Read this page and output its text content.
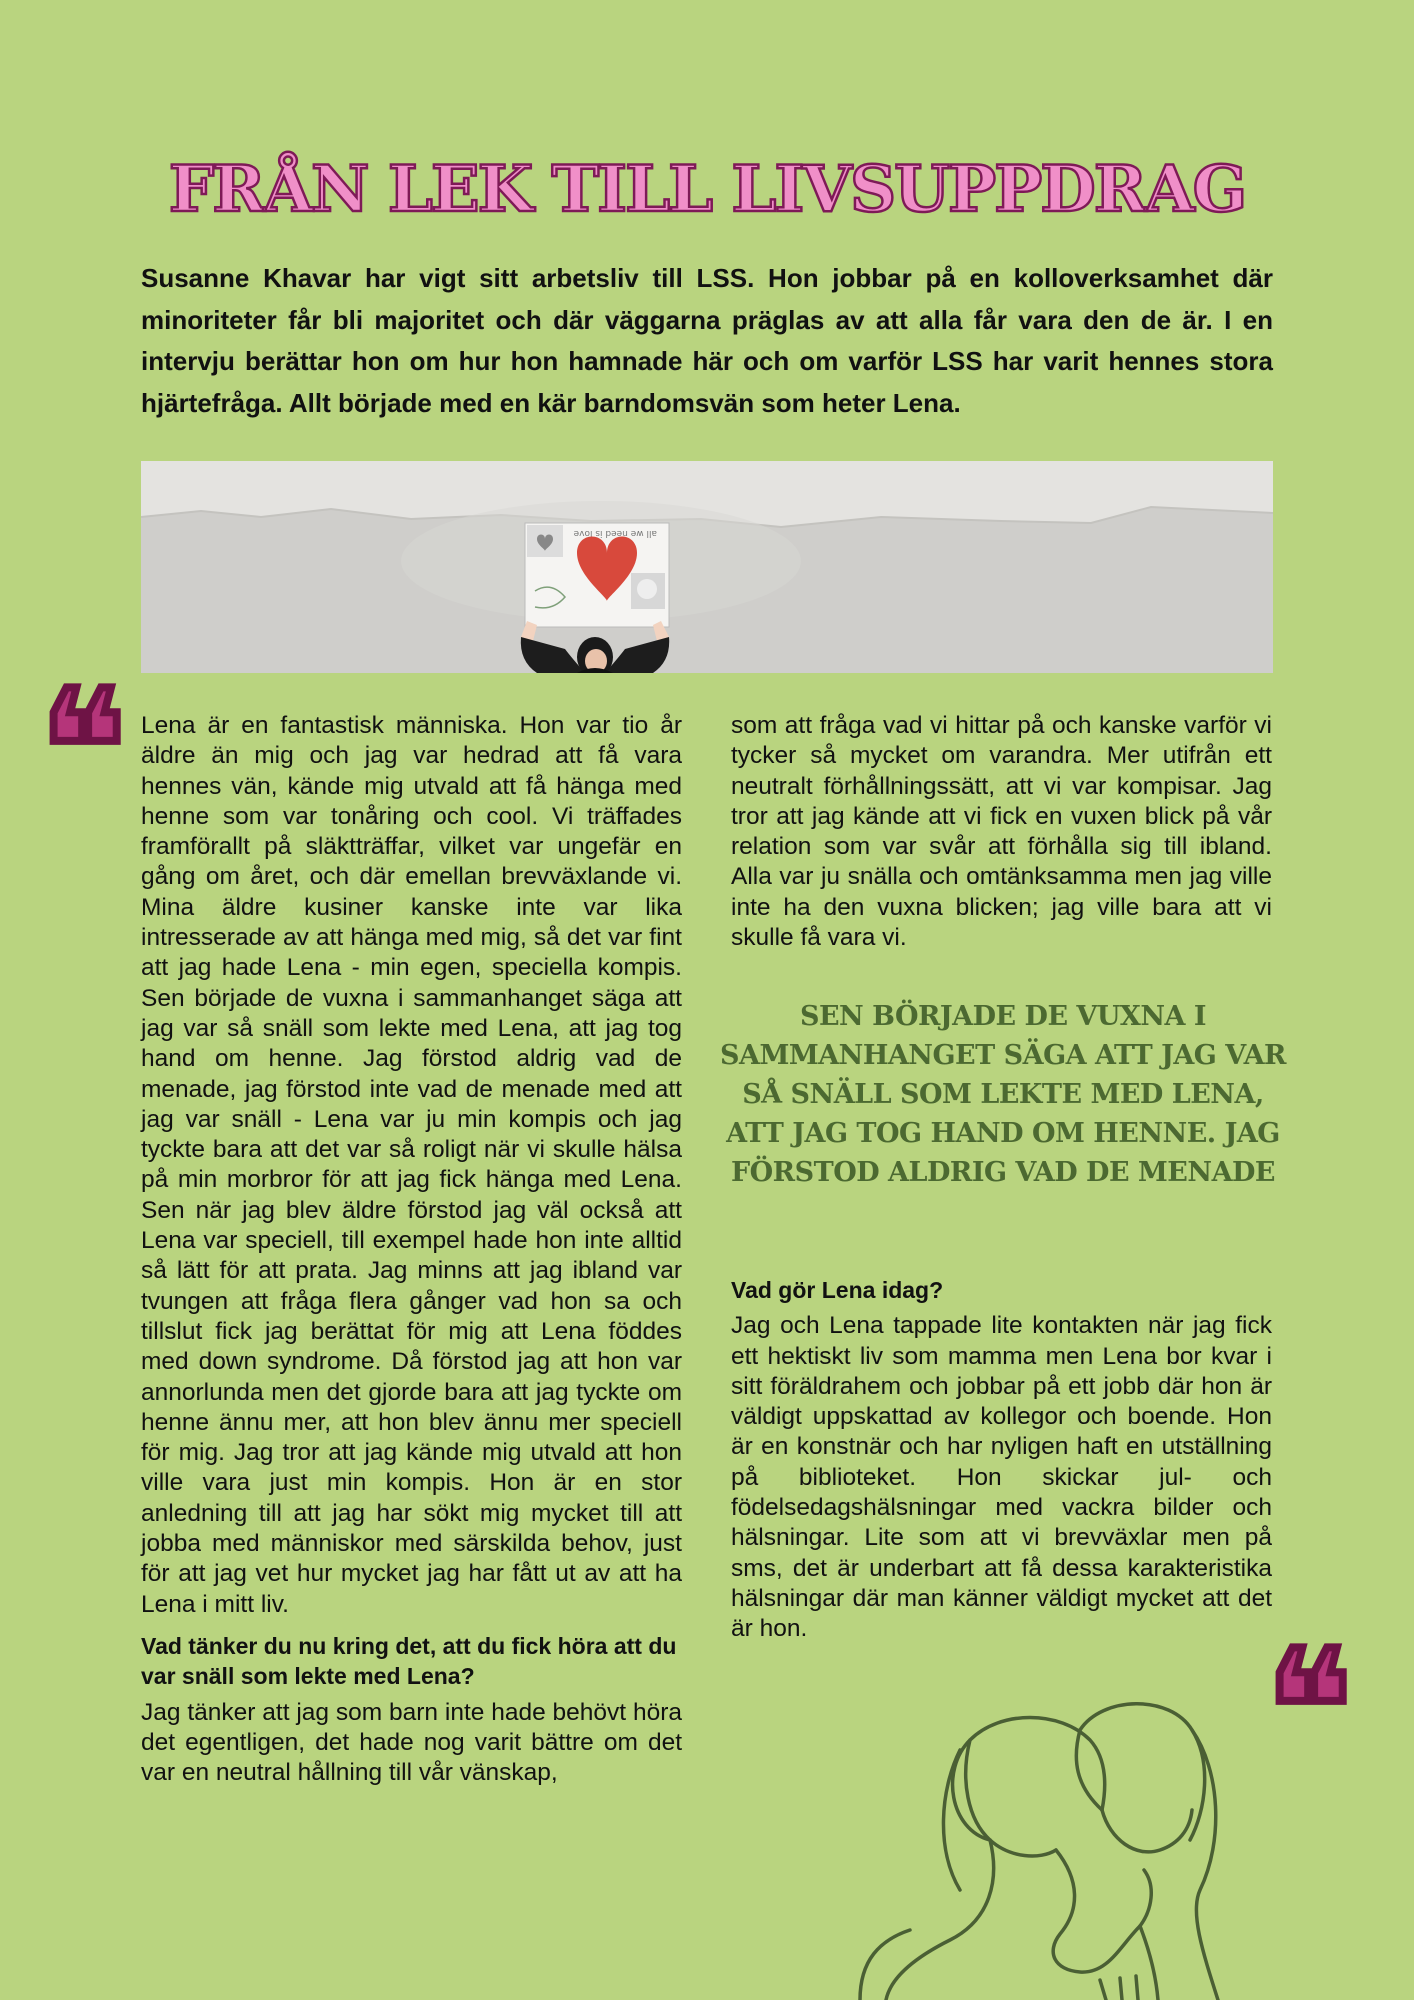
FRÅN LEK TILL LIVSUPPDRAG

Susanne Khavar har vigt sitt arbetsliv till LSS. Hon jobbar på en kolloverksamhet där minoriteter får bli majoritet och där väggarna präglas av att alla får vara den de är. I en intervju berättar hon om hur hon hamnade här och om varför LSS har varit hennes stora hjärtefråga. Allt började med en kär barndomsvän som heter Lena.

all we need is love
❝ Lena är en fantastisk människa. Hon var tio år äldre än mig och jag var hedrad att få vara hennes vän, kände mig utvald att få hänga med henne som var tonåring och cool. Vi träffades framförallt på släktträffar, vilket var ungefär en gång om året, och där emellan brevväxlande vi. Mina äldre kusiner kanske inte var lika intresserade av att hänga med mig, så det var fint att jag hade Lena - min egen, speciella kompis. Sen började de vuxna i sammanhanget säga att jag var så snäll som lekte med Lena, att jag tog hand om henne. Jag förstod aldrig vad de menade, jag förstod inte vad de menade med att jag var snäll - Lena var ju min kompis och jag tyckte bara att det var så roligt när vi skulle hälsa på min morbror för att jag fick hänga med Lena. Sen när jag blev äldre förstod jag väl också att Lena var speciell, till exempel hade hon inte alltid så lätt för att prata. Jag minns att jag ibland var tvungen att fråga flera gånger vad hon sa och tillslut fick jag berättat för mig att Lena föddes med down syndrome. Då förstod jag att hon var annorlunda men det gjorde bara att jag tyckte om henne ännu mer, att hon blev ännu mer speciell för mig. Jag tror att jag kände mig utvald att hon ville vara just min kompis. Hon är en stor anledning till att jag har sökt mig mycket till att jobba med människor med särskilda behov, just för att jag vet hur mycket jag har fått ut av att ha Lena i mitt liv.

Vad tänker du nu kring det, att du fick höra att du var snäll som lekte med Lena?

Jag tänker att jag som barn inte hade behövt höra det egentligen, det hade nog varit bättre om det var en neutral hållning till vår vänskap,

som att fråga vad vi hittar på och kanske varför vi tycker så mycket om varandra. Mer utifrån ett neutralt förhållningssätt, att vi var kompisar. Jag tror att jag kände att vi fick en vuxen blick på vår relation som var svår att förhålla sig till ibland. Alla var ju snälla och omtänksamma men jag ville inte ha den vuxna blicken; jag ville bara att vi skulle få vara vi.

SEN BÖRJADE DE VUXNA I SAMMANHANGET SÄGA ATT JAG VAR SÅ SNÄLL SOM LEKTE MED LENA, ATT JAG TOG HAND OM HENNE. JAG FÖRSTOD ALDRIG VAD DE MENADE

Vad gör Lena idag?

Jag och Lena tappade lite kontakten när jag fick ett hektiskt liv som mamma men Lena bor kvar i sitt föräldrahem och jobbar på ett jobb där hon är väldigt uppskattad av kollegor och boende. Hon är en konstnär och har nyligen haft en utställning på biblioteket. Hon skickar jul- och födelsedagshälsningar med vackra bilder och hälsningar. Lite som att vi brevväxlar men på sms, det är underbart att få dessa karakteristika hälsningar där man känner väldigt mycket att det är hon.	❝
